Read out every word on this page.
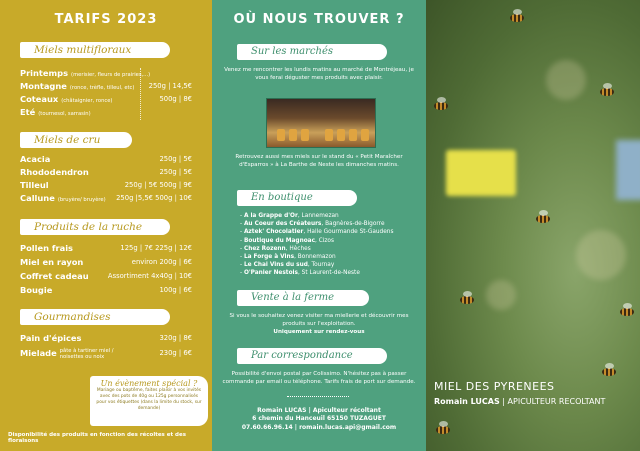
TARIFS 2023
Miels multifloraux
Printemps (merisier, fleurs de prairies,...)
Montagne (ronce, trèfle, tilleul, etc) 250g | 14,5€
Coteaux (châtaignier, ronce)	500g | 8€
Eté (tournesol, sarrasin)
Miels de cru
Acacia	250g | 5€
Rhododendron	250g | 5€
Tilleul	250g | 5€ 500g | 9€
Callune (bruyère/ bruyère) 250g |5,5€ 500g | 10€
Produits de la ruche
Pollen frais	125g | 7€ 225g | 12€
Miel en rayon	environ 200g | 6€
Coffret cadeau	Assortiment 4x40g | 10€
Bougie	100g | 6€
Gourmandises
Pain d'épices	320g | 8€
Mielade pâte à tartiner miel / noisettes ou noix	230g | 6€
Un évènement spécial ?
Mariage ou baptême, faites plaisir à vos invités avec des pots de 40g ou 125g personnalisés pour vos étiquettes (dans la limite du stock, sur demande)
Disponibilité des produits en fonction des récoltes et des floraisons
OÙ NOUS TROUVER ?
Sur les marchés
Venez me rencontrer les lundis matins au marché de Montréjeau, je vous ferai déguster mes produits avec plaisir.
Retrouvez aussi mes miels sur le stand du « Petit Maraîcher d'Esparros » à La Barthe de Neste les dimanches matins.
En boutique
- A la Grappe d'Or, Lannemezan
- Au Coeur des Créateurs, Bagnères-de-Bigorre
- Aztek' Chocolatier, Halle Gourmande St-Gaudens
- Boutique du Magnoac, Cizos
- Chez Rozenn, Hèches
- La Forge à Vins, Bonnemazon
- Le Chai Vins du sud, Tournay
- O'Panier Nestois, St Laurent-de-Neste
Vente à la ferme
Si vous le souhaitez venez visiter ma miellerie et découvrir mes produits sur l'exploitation.
Uniquement sur rendez-vous
Par correspondance
Possibilité d'envoi postal par Colissimo. N'hésitez pas à passer commande par email ou téléphone. Tarifs frais de port sur demande.
Romain LUCAS | Apiculteur récoltant
6 chemin du Hanceuil 65150 TUZAGUET
07.60.66.96.14 | romain.lucas.api@gmail.com
MIEL DES PYRENEES
Romain LUCAS | APICULTEUR RECOLTANT
